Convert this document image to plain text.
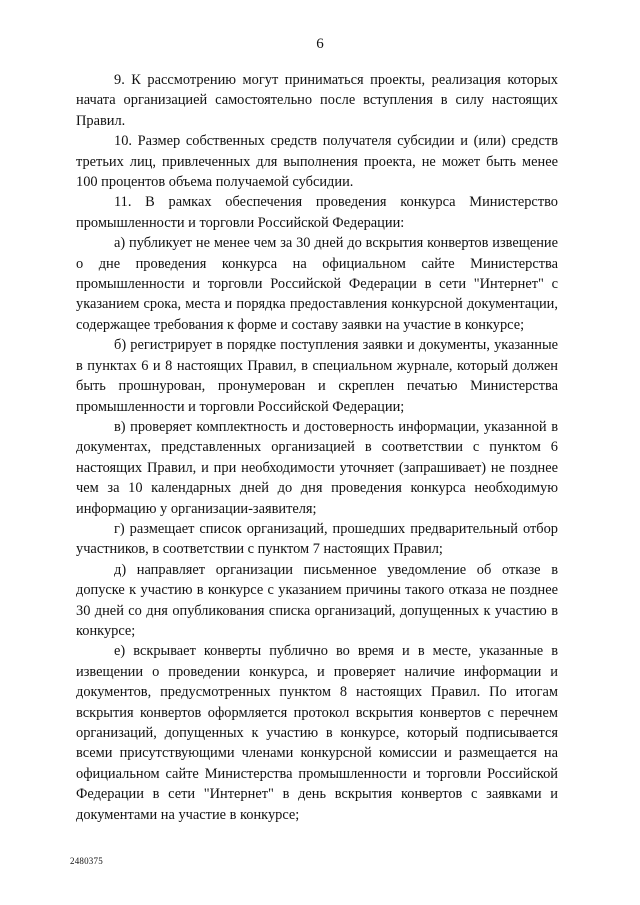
6

9. К рассмотрению могут приниматься проекты, реализация которых начата организацией самостоятельно после вступления в силу настоящих Правил.

10. Размер собственных средств получателя субсидии и (или) средств третьих лиц, привлеченных для выполнения проекта, не может быть менее 100 процентов объема получаемой субсидии.

11. В рамках обеспечения проведения конкурса Министерство промышленности и торговли Российской Федерации:

а) публикует не менее чем за 30 дней до вскрытия конвертов извещение о дне проведения конкурса на официальном сайте Министерства промышленности и торговли Российской Федерации в сети "Интернет" с указанием срока, места и порядка предоставления конкурсной документации, содержащее требования к форме и составу заявки на участие в конкурсе;

б) регистрирует в порядке поступления заявки и документы, указанные в пунктах 6 и 8 настоящих Правил, в специальном журнале, который должен быть прошнурован, пронумерован и скреплен печатью Министерства промышленности и торговли Российской Федерации;

в) проверяет комплектность и достоверность информации, указанной в документах, представленных организацией в соответствии с пунктом 6 настоящих Правил, и при необходимости уточняет (запрашивает) не позднее чем за 10 календарных дней до дня проведения конкурса необходимую информацию у организации-заявителя;

г) размещает список организаций, прошедших предварительный отбор участников, в соответствии с пунктом 7 настоящих Правил;

д) направляет организации письменное уведомление об отказе в допуске к участию в конкурсе с указанием причины такого отказа не позднее 30 дней со дня опубликования списка организаций, допущенных к участию в конкурсе;

е) вскрывает конверты публично во время и в месте, указанные в извещении о проведении конкурса, и проверяет наличие информации и документов, предусмотренных пунктом 8 настоящих Правил. По итогам вскрытия конвертов оформляется протокол вскрытия конвертов с перечнем организаций, допущенных к участию в конкурсе, который подписывается всеми присутствующими членами конкурсной комиссии и размещается на официальном сайте Министерства промышленности и торговли Российской Федерации в сети "Интернет" в день вскрытия конвертов с заявками и документами на участие в конкурсе;

2480375
